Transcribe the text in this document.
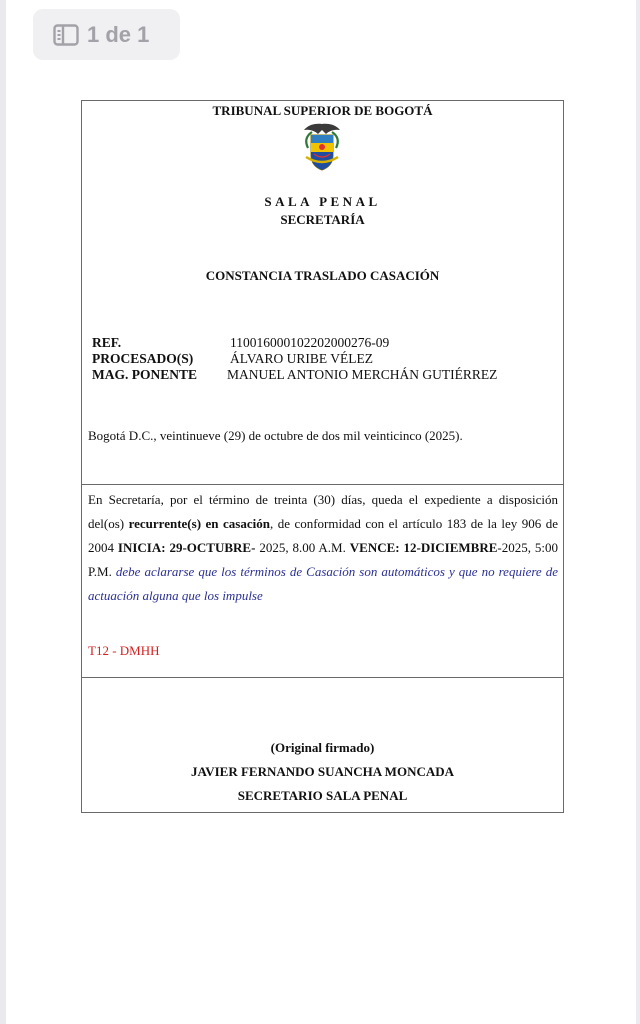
1 de 1
TRIBUNAL SUPERIOR DE BOGOTÁ
SALA PENAL
SECRETARÍA
CONSTANCIA TRASLADO CASACIÓN
REF.	11001600010220200027​6-09
PROCESADO(S)	ÁLVARO URIBE VÉLEZ
MAG. PONENTE	MANUEL ANTONIO MERCHÁN GUTIÉRREZ
Bogotá D.C., veintinueve (29) de octubre de dos mil veinticinco (2025).
En Secretaría, por el término de treinta (30) días, queda el expediente a disposición del(os) recurrente(s) en casación, de conformidad con el artículo 183 de la ley 906 de 2004 INICIA: 29-OCTUBRE- 2025, 8.00 A.M. VENCE: 12-DICIEMBRE-2025, 5:00 P.M. debe aclararse que los términos de Casación son automáticos y que no requiere de actuación alguna que los impulse
T12 - DMHH
(Original firmado)
JAVIER FERNANDO SUANCHA MONCADA
SECRETARIO SALA PENAL
